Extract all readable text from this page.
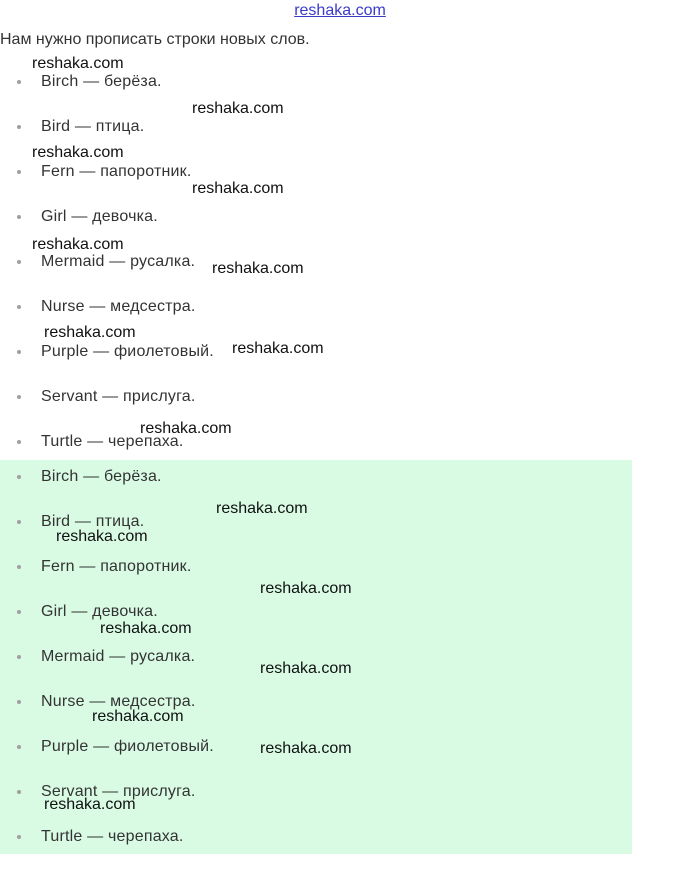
reshaka.com
Нам нужно прописать строки новых слов.
Birch — берёза.
Bird — птица.
Fern — папоротник.
Girl — девочка.
Mermaid — русалка.
Nurse — медсестра.
Purple — фиолетовый.
Servant — прислуга.
Turtle — черепаха.
Birch — берёза.
Bird — птица.
Fern — папоротник.
Girl — девочка.
Mermaid — русалка.
Nurse — медсестра.
Purple — фиолетовый.
Servant — прислуга.
Turtle — черепаха.
reshaka.com
reshaka.com
reshaka.com
reshaka.com
reshaka.com
reshaka.com
reshaka.com
reshaka.com
reshaka.com
reshaka.com
reshaka.com
reshaka.com
reshaka.com
reshaka.com
reshaka.com
reshaka.com
reshaka.com
